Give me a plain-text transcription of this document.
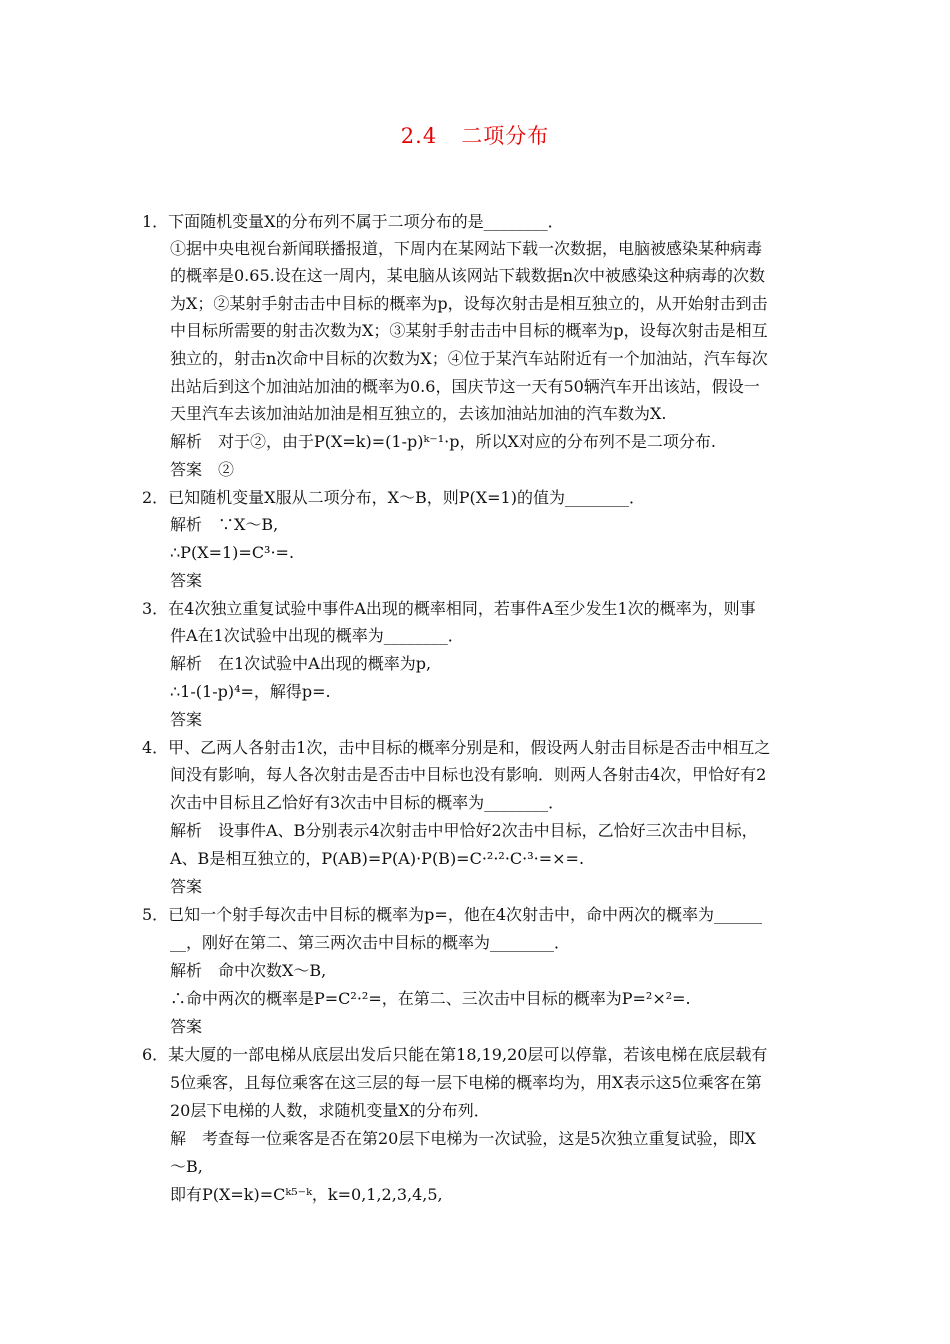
2.4 二项分布
1．下面随机变量X的分布列不属于二项分布的是________．
①据中央电视台新闻联播报道，下周内在某网站下载一次数据，电脑被感染某种病毒
的概率是0.65.设在这一周内，某电脑从该网站下载数据n次中被感染这种病毒的次数
为X；②某射手射击击中目标的概率为p，设每次射击是相互独立的，从开始射击到击
中目标所需要的射击次数为X；③某射手射击击中目标的概率为p，设每次射击是相互
独立的，射击n次命中目标的次数为X；④位于某汽车站附近有一个加油站，汽车每次
出站后到这个加油站加油的概率为0.6，国庆节这一天有50辆汽车开出该站，假设一
天里汽车去该加油站加油是相互独立的，去该加油站加油的汽车数为X.
解析　对于②，由于P(X=k)=(1-p)ᵏ⁻¹·p，所以X对应的分布列不是二项分布.
答案　②
2．已知随机变量X服从二项分布，X～B，则P(X=1)的值为________．
解析　∵X～B,
∴P(X=1)=C³·=.
答案
3．在4次独立重复试验中事件A出现的概率相同，若事件A至少发生1次的概率为，则事
件A在1次试验中出现的概率为________．
解析　在1次试验中A出现的概率为p,
∴1-(1-p)⁴=，解得p=.
答案
4．甲、乙两人各射击1次，击中目标的概率分别是和，假设两人射击目标是否击中相互之
间没有影响，每人各次射击是否击中目标也没有影响．则两人各射击4次，甲恰好有2
次击中目标且乙恰好有3次击中目标的概率为________．
解析　设事件A、B分别表示4次射击中甲恰好2次击中目标，乙恰好三次击中目标，
A、B是相互独立的，P(AB)=P(A)·P(B)=C·²·²·C·³·=×=.
答案
5．已知一个射手每次击中目标的概率为p=，他在4次射击中，命中两次的概率为______
__，刚好在第二、第三两次击中目标的概率为________．
解析　命中次数X～B,
∴命中两次的概率是P=C²·²=，在第二、三次击中目标的概率为P=²×²=.
答案
6．某大厦的一部电梯从底层出发后只能在第18,19,20层可以停靠，若该电梯在底层载有
5位乘客，且每位乘客在这三层的每一层下电梯的概率均为，用X表示这5位乘客在第
20层下电梯的人数，求随机变量X的分布列．
解　考查每一位乘客是否在第20层下电梯为一次试验，这是5次独立重复试验，即X
～B,
即有P(X=k)=Cᵏ⁵⁻ᵏ，k=0,1,2,3,4,5,
